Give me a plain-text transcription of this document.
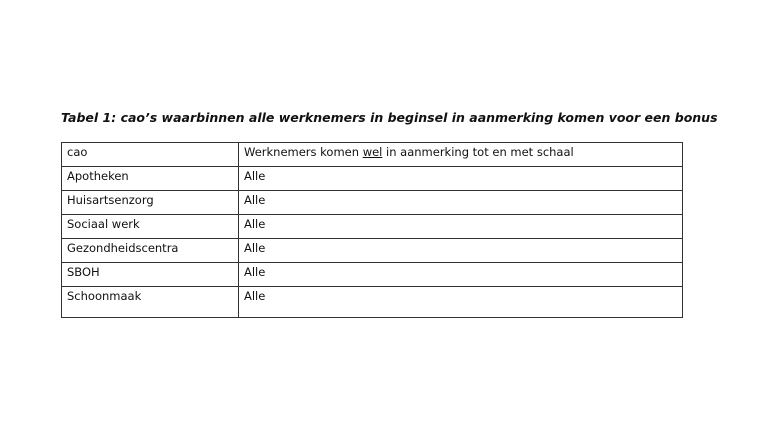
Tabel 1: cao’s waarbinnen alle werknemers in beginsel in aanmerking komen voor een bonus
cao	Werknemers komen wel in aanmerking tot en met schaal
Apotheken	Alle
Huisartsenzorg	Alle
Sociaal werk	Alle
Gezondheidscentra	Alle
SBOH	Alle
Schoonmaak	Alle
